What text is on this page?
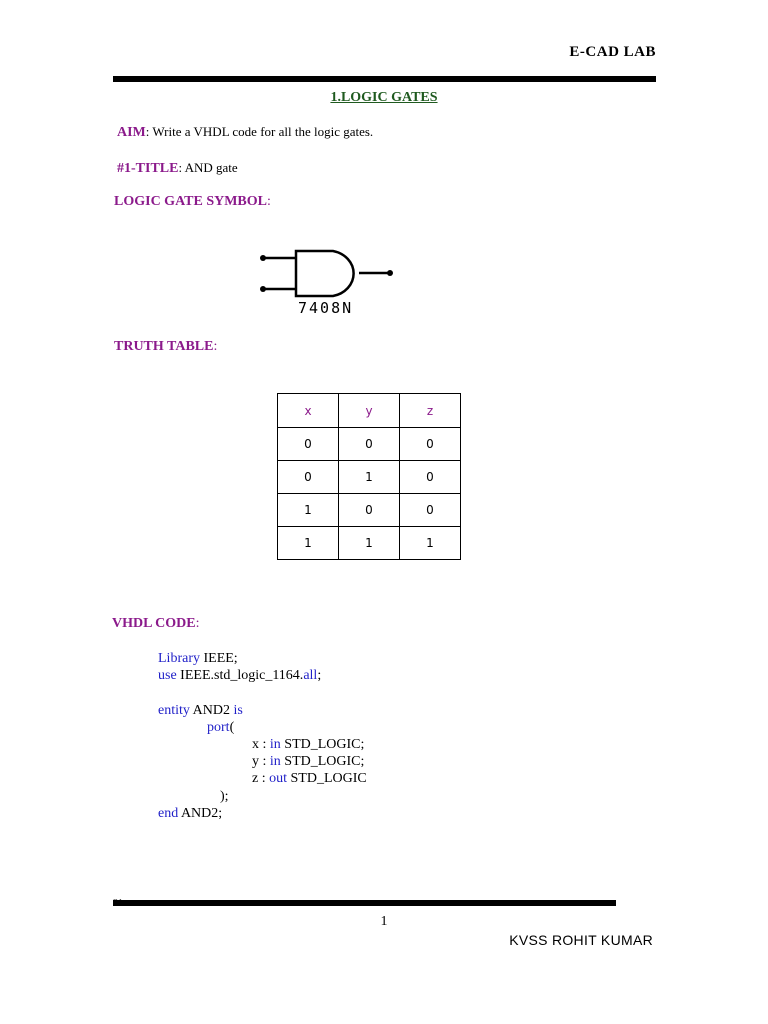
E-CAD LAB
1.LOGIC GATES
AIM: Write a VHDL code for all the logic gates.
#1-TITLE: AND gate
LOGIC GATE SYMBOL:
7408N
TRUTH TABLE:
x	y	z
0	0	0
0	1	0
1	0	0
1	1	1
VHDL CODE:
Library IEEE;
use IEEE.std_logic_1164.all;
entity AND2 is
port(
x : in STD_LOGIC;
y : in STD_LOGIC;
z : out STD_LOGIC
);
end AND2;
1
KVSS ROHIT KUMAR
